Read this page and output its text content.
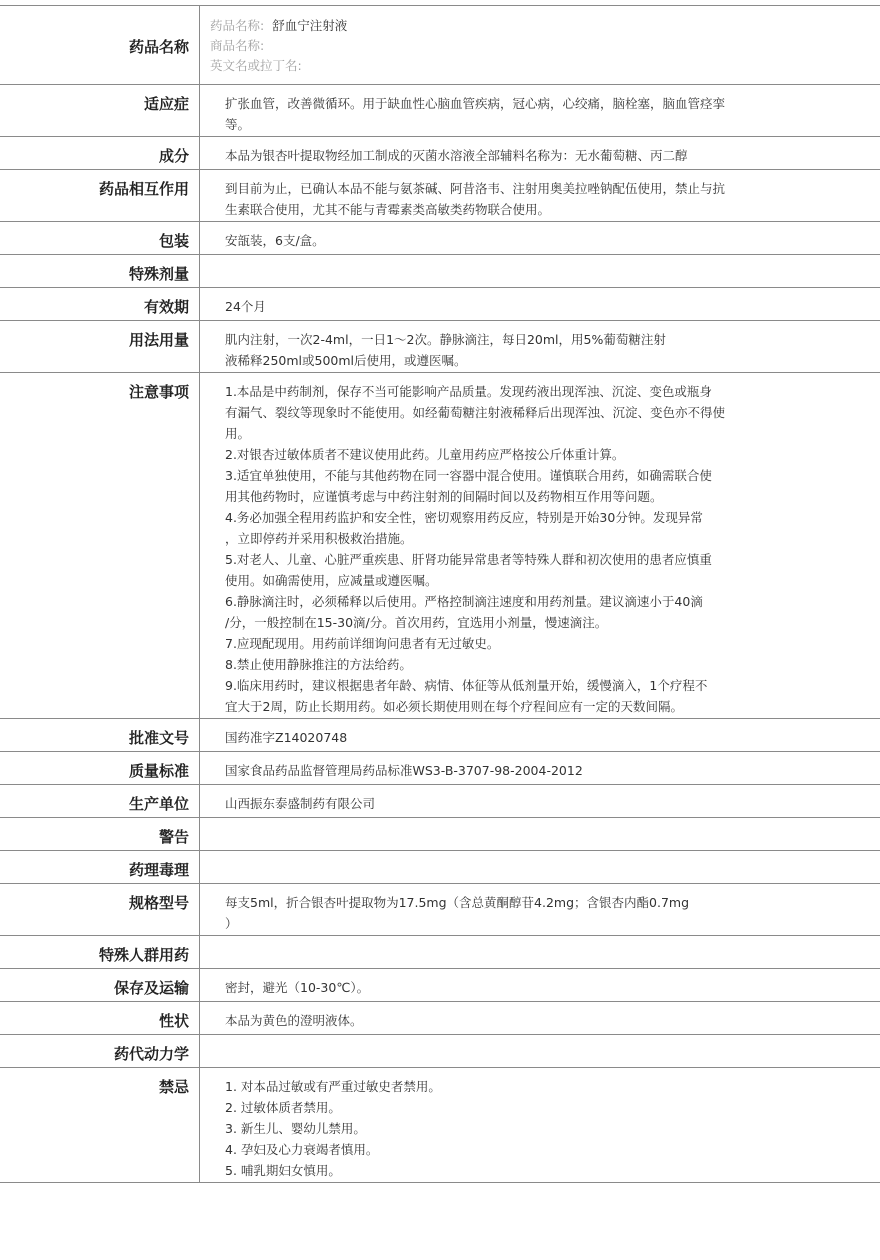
药品名称
药品名称: 舒血宁注射液
商品名称:
英文名或拉丁名:
适应症	扩张血管，改善微循环。用于缺血性心脑血管疾病，冠心病，心绞痛，脑栓塞，脑血管痉挛
等。
成分	本品为银杏叶提取物经加工制成的灭菌水溶液全部辅料名称为：无水葡萄糖、丙二醇
药品相互作用	到目前为止，已确认本品不能与氨茶碱、阿昔洛韦、注射用奥美拉唑钠配伍使用，禁止与抗
生素联合使用，尤其不能与青霉素类高敏类药物联合使用。
包装	安瓿装，6支/盒。
特殊剂量
有效期	24个月
用法用量	肌内注射，一次2-4ml，一日1～2次。静脉滴注，每日20ml，用5%葡萄糖注射
液稀释250ml或500ml后使用，或遵医嘱。
注意事项	1.本品是中药制剂，保存不当可能影响产品质量。发现药液出现浑浊、沉淀、变色或瓶身
有漏气、裂纹等现象时不能使用。如经葡萄糖注射液稀释后出现浑浊、沉淀、变色亦不得使
用。
2.对银杏过敏体质者不建议使用此药。儿童用药应严格按公斤体重计算。
3.适宜单独使用，不能与其他药物在同一容器中混合使用。谨慎联合用药，如确需联合使
用其他药物时，应谨慎考虑与中药注射剂的间隔时间以及药物相互作用等问题。
4.务必加强全程用药监护和安全性，密切观察用药反应，特别是开始30分钟。发现异常
，立即停药并采用积极救治措施。
5.对老人、儿童、心脏严重疾患、肝肾功能异常患者等特殊人群和初次使用的患者应慎重
使用。如确需使用，应减量或遵医嘱。
6.静脉滴注时，必须稀释以后使用。严格控制滴注速度和用药剂量。建议滴速小于40滴
/分，一般控制在15-30滴/分。首次用药，宜选用小剂量，慢速滴注。
7.应现配现用。用药前详细询问患者有无过敏史。
8.禁止使用静脉推注的方法给药。
9.临床用药时，建议根据患者年龄、病情、体征等从低剂量开始，缓慢滴入，1个疗程不
宜大于2周，防止长期用药。如必须长期使用则在每个疗程间应有一定的天数间隔。
批准文号	国药准字Z14020748
质量标准	国家食品药品监督管理局药品标准WS3-B-3707-98-2004-2012
生产单位	山西振东泰盛制药有限公司
警告
药理毒理
规格型号	每支5ml，折合银杏叶提取物为17.5mg（含总黄酮醇苷4.2mg；含银杏内酯0.7mg
）
特殊人群用药
保存及运输	密封，避光（10-30℃）。
性状	本品为黄色的澄明液体。
药代动力学
禁忌	1. 对本品过敏或有严重过敏史者禁用。
2. 过敏体质者禁用。
3. 新生儿、婴幼儿禁用。
4. 孕妇及心力衰竭者慎用。
5. 哺乳期妇女慎用。
